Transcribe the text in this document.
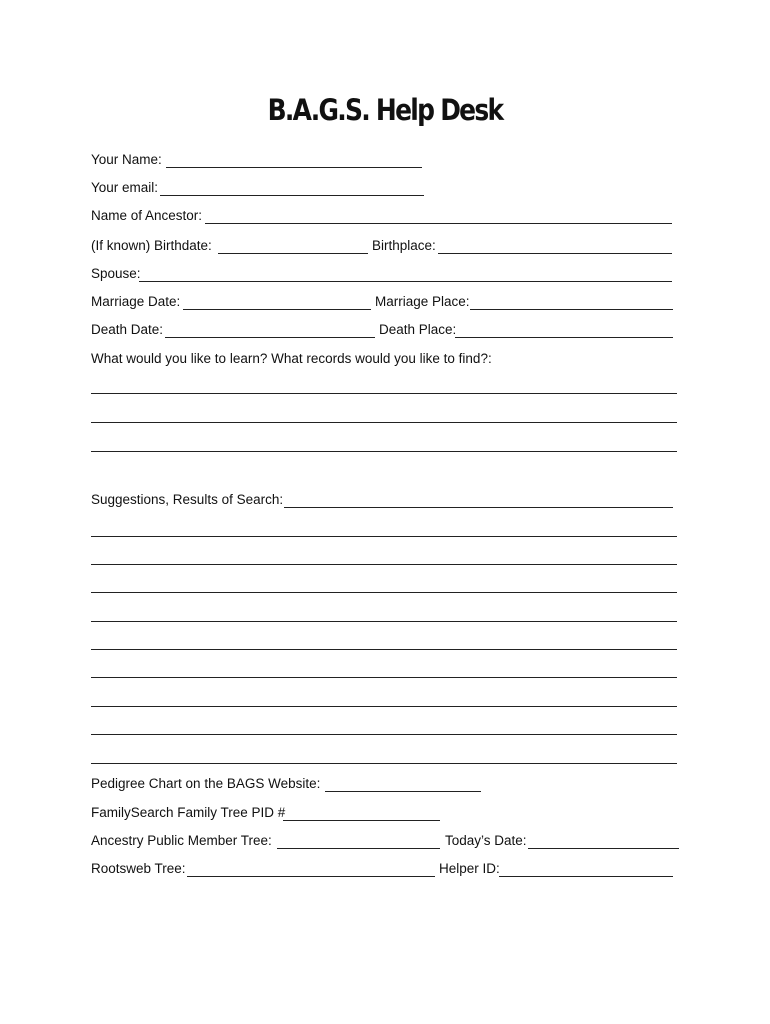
B.A.G.S. Help Desk
Your Name:
Your email:
Name of Ancestor:
(If known) Birthdate:	Birthplace:
Spouse:
Marriage Date:	Marriage Place:
Death Date:	Death Place:
What would you like to learn? What records would you like to find?:
Suggestions, Results of Search:
Pedigree Chart on the BAGS Website:
FamilySearch Family Tree PID #
Ancestry Public Member Tree:	Today’s Date:
Rootsweb Tree:	Helper ID:
